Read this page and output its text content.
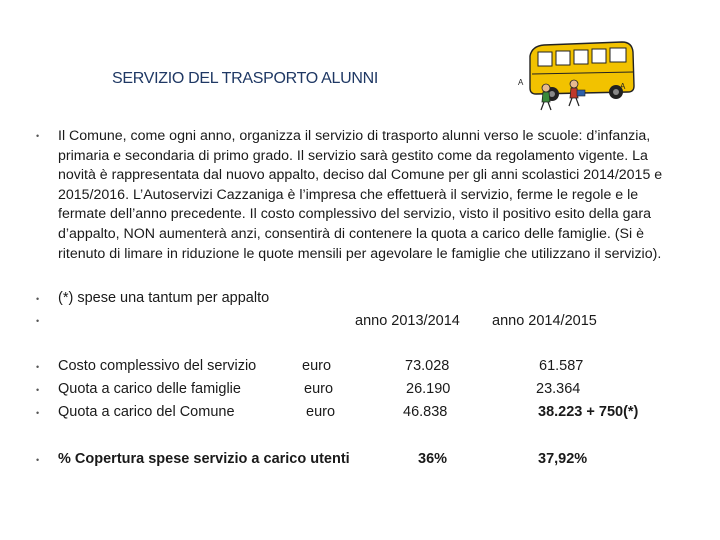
SERVIZIO DEL TRASPORTO ALUNNI	A	A
•
•
•
•
•
•
•
Il Comune, come ogni anno, organizza il servizio di trasporto alunni verso le scuole: d’infanzia, primaria e secondaria di primo grado. Il servizio sarà gestito come da regolamento vigente. La novità è rappresentata dal nuovo appalto, deciso dal Comune per gli anni scolastici 2014/2015 e 2015/2016. L’Autoservizi Cazzaniga è l’impresa che effettuerà il servizio, ferme le regole e le fermate dell’anno precedente. Il costo complessivo del servizio, visto il positivo esito della gara d’appalto, NON aumenterà anzi, consentirà di contenere la quota a carico delle famiglie. (Si è ritenuto di limare in riduzione le quote mensili per agevolare le famiglie che utilizzano il servizio).
(*) spese una tantum per appalto
anno 2013/2014 anno 2014/2015
Costo complessivo del servizio	euro	73.028	61.587
Quota a carico delle famiglie	euro	26.190	23.364
Quota a carico del Comune	euro	46.838	38.223 + 750(*)
% Copertura spese servizio a carico utenti	36%	37,92%
